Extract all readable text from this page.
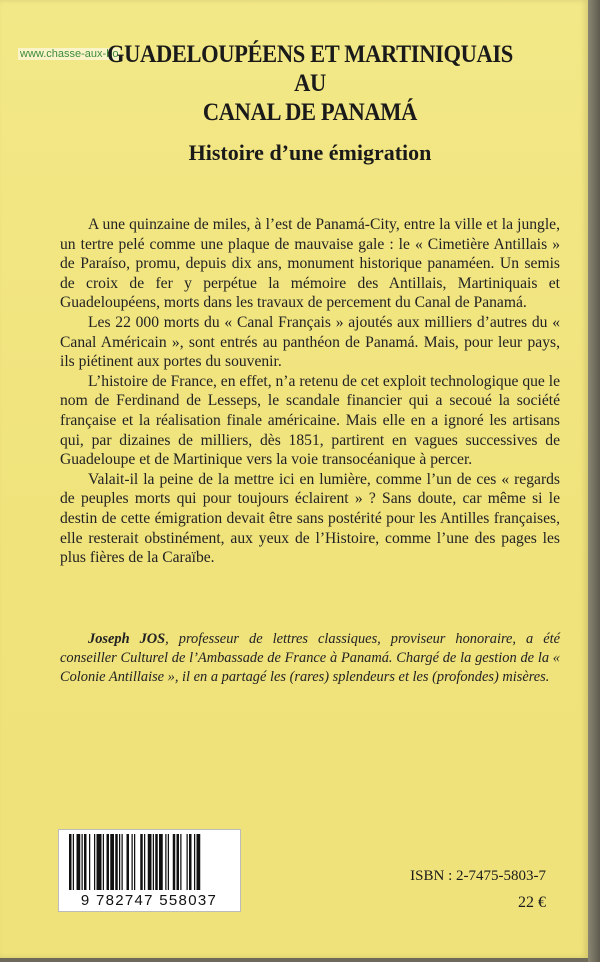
www.chasse-aux-bo
GUADELOUPÉENS ET MARTINIQUAIS
AU
CANAL DE PANAMÁ
Histoire d’une émigration

A une quinzaine de miles, à l’est de Panamá-City, entre la ville et la jungle, un tertre pelé comme une plaque de mauvaise gale : le « Cimetière Antillais » de Paraíso, promu, depuis dix ans, monument historique panaméen. Un semis de croix de fer y perpétue la mémoire des Antillais, Martiniquais et Guadeloupéens, morts dans les travaux de percement du Canal de Panamá.

Les 22 000 morts du « Canal Français » ajoutés aux milliers d’autres du « Canal Américain », sont entrés au panthéon de Panamá. Mais, pour leur pays, ils piétinent aux portes du souvenir.

L’histoire de France, en effet, n’a retenu de cet exploit technologique que le nom de Ferdinand de Lesseps, le scandale financier qui a secoué la société française et la réalisation finale américaine. Mais elle en a ignoré les artisans qui, par dizaines de milliers, dès 1851, partirent en vagues successives de Guadeloupe et de Martinique vers la voie transocéanique à percer.

Valait-il la peine de la mettre ici en lumière, comme l’un de ces « regards de peuples morts qui pour toujours éclairent » ? Sans doute, car même si le destin de cette émigration devait être sans postérité pour les Antilles françaises, elle resterait obstinément, aux yeux de l’Histoire, comme l’une des pages les plus fières de la Caraïbe.

Joseph JOS, professeur de lettres classiques, proviseur honoraire, a été conseiller Culturel de l’Ambassade de France à Panamá. Chargé de la gestion de la « Colonie Antillaise », il en a partagé les (rares) splendeurs et les (profondes) misères.

9 782747 558037
ISBN : 2-7475-5803-7
22 €
